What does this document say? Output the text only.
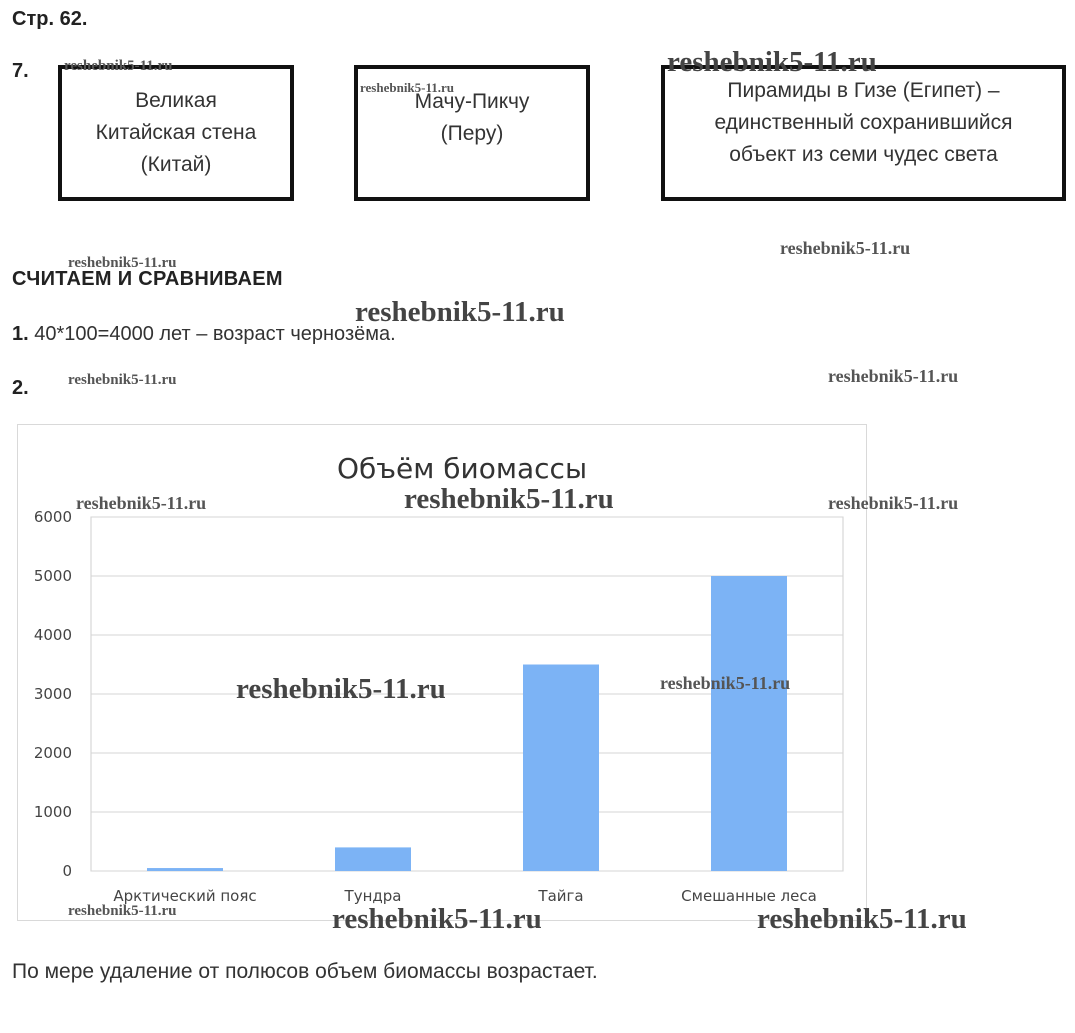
Стр. 62.
7.
Великая
Китайская стена
(Китай)
Мачу-Пикчу
(Перу)
Пирамиды в Гизе (Египет) –
единственный сохранившийся
объект из семи чудес света
СЧИТАЕМ И СРАВНИВАЕМ
1. 40*100=4000 лет – возраст чернозёма.
2.
Объём биомассы
0
1000
2000
3000
4000
5000
6000
Арктический пояс	Тундра	Тайга	Смешанные леса
По мере удаление от полюсов объем биомассы возрастает.
reshebnik5-11.ru
reshebnik5-11.ru
reshebnik5-11.ru
reshebnik5-11.ru
reshebnik5-11.ru
reshebnik5-11.ru
reshebnik5-11.ru	reshebnik5-11.ru
reshebnik5-11.ru	reshebnik5-11.ru	reshebnik5-11.ru
reshebnik5-11.ru	reshebnik5-11.ru
reshebnik5-11.ru	reshebnik5-11.ru	reshebnik5-11.ru
